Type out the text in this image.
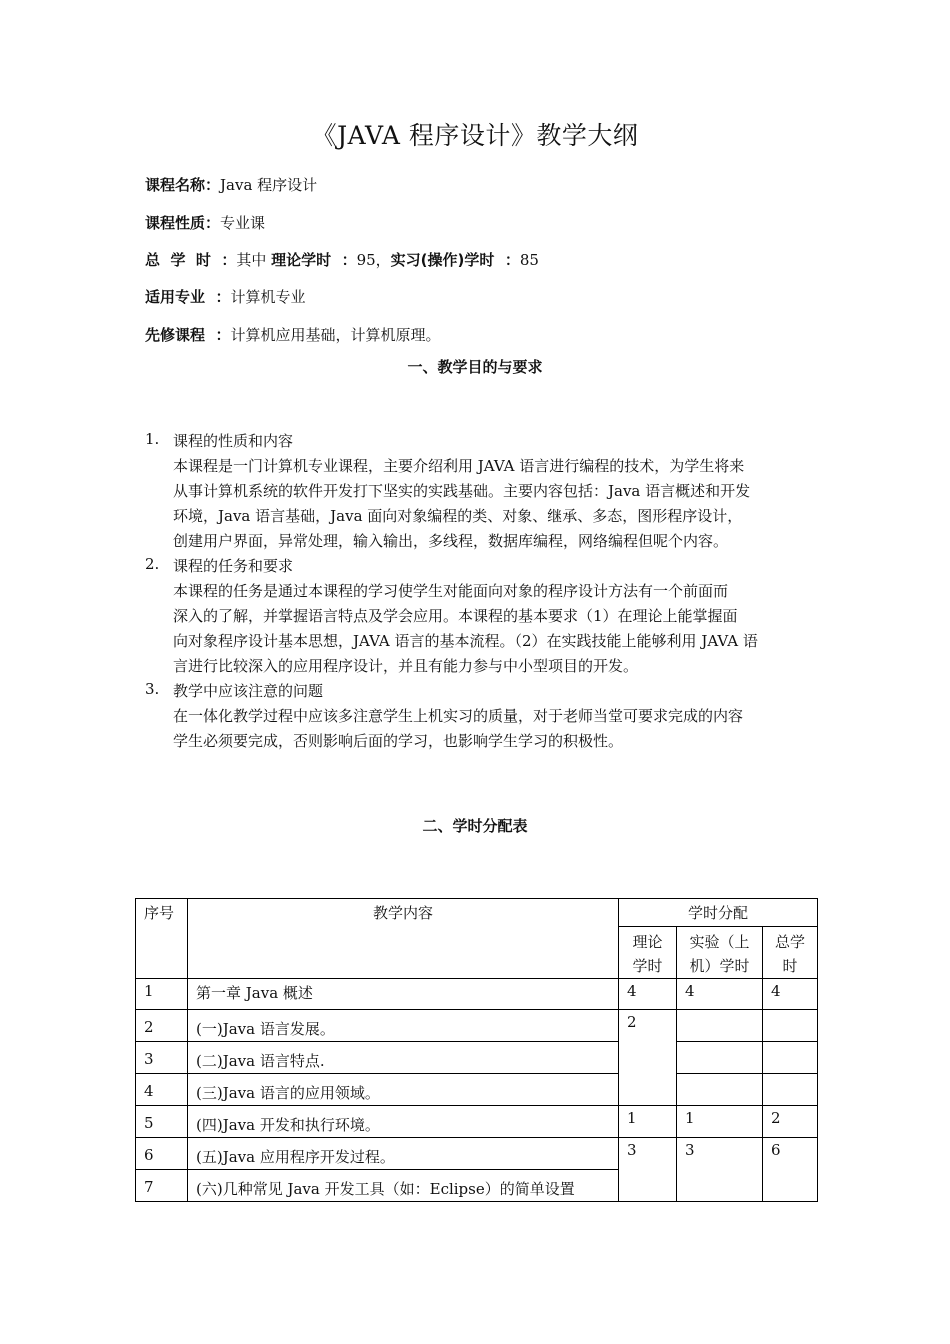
《JAVA 程序设计》教学大纲
课程名称：Java 程序设计
课程性质：专业课
总  学  时  ：其中 理论学时  ：95，实习(操作)学时  ：85
适用专业  ：计算机专业
先修课程  ：计算机应用基础，计算机原理。
一、教学目的与要求
1. 课程的性质和内容
本课程是一门计算机专业课程，主要介绍利用 JAVA 语言进行编程的技术，为学生将来
从事计算机系统的软件开发打下坚实的实践基础。主要内容包括：Java 语言概述和开发
环境，Java 语言基础，Java 面向对象编程的类、对象、继承、多态，图形程序设计，
创建用户界面，异常处理，输入输出，多线程，数据库编程，网络编程但呢个内容。
2. 课程的任务和要求
本课程的任务是通过本课程的学习使学生对能面向对象的程序设计方法有一个前面而
深入的了解，并掌握语言特点及学会应用。本课程的基本要求（1）在理论上能掌握面
向对象程序设计基本思想，JAVA 语言的基本流程。（2）在实践技能上能够利用 JAVA 语
言进行比较深入的应用程序设计，并且有能力参与中小型项目的开发。
3. 教学中应该注意的问题
在一体化教学过程中应该多注意学生上机实习的质量，对于老师当堂可要求完成的内容
学生必须要完成，否则影响后面的学习，也影响学生学习的积极性。
二、学时分配表
序号	教学内容	学时分配		
		理论学时	实验（上机）学时	总学时
1	第一章 Java 概述	4	4	4
2	(一)Java 语言发展。	2		
3	(二)Java 语言特点.			
4	(三)Java 语言的应用领域。			
5	(四)Java 开发和执行环境。	1	1	2
6	(五)Java 应用程序开发过程。	3	3	6
7	(六)几种常见 Java 开发工具（如：Eclipse）的简单设置			
